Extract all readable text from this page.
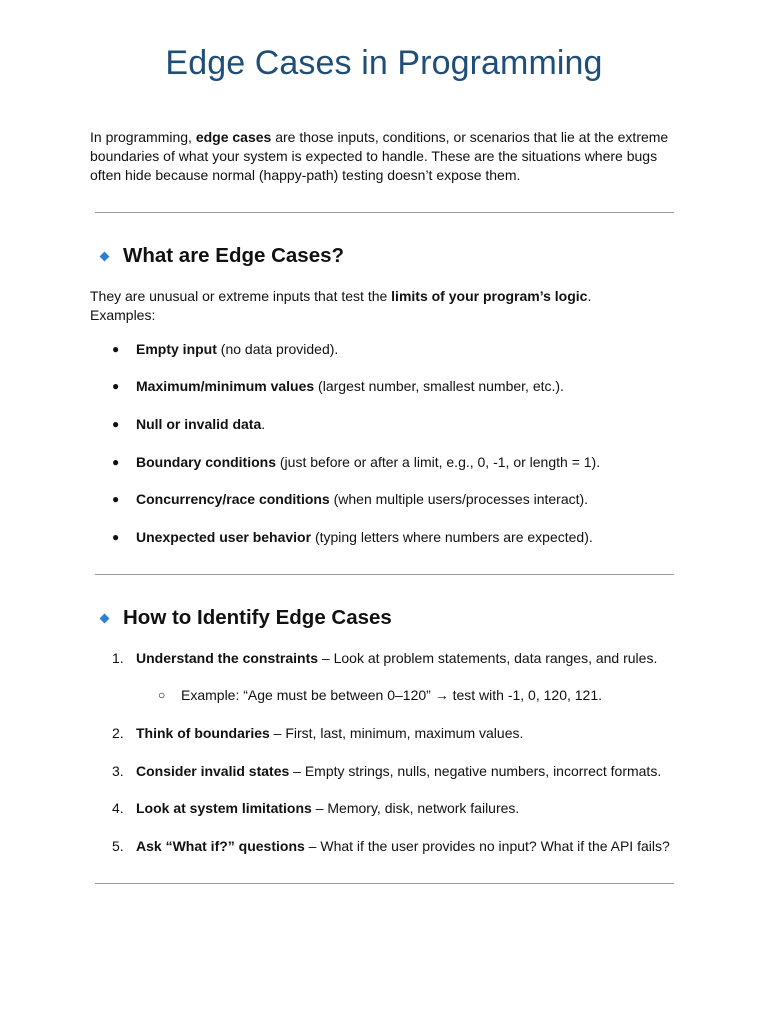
Edge Cases in Programming

In programming, edge cases are those inputs, conditions, or scenarios that lie at the extreme boundaries of what your system is expected to handle. These are the situations where bugs often hide because normal (happy-path) testing doesn’t expose them.

What are Edge Cases?

They are unusual or extreme inputs that test the limits of your program’s logic.
Examples:

●	Empty input (no data provided).
●	Maximum/minimum values (largest number, smallest number, etc.).
●	Null or invalid data.
●	Boundary conditions (just before or after a limit, e.g., 0, -1, or length = 1).
●	Concurrency/race conditions (when multiple users/processes interact).
●	Unexpected user behavior (typing letters where numbers are expected).
How to Identify Edge Cases
1. Understand the constraints – Look at problem statements, data ranges, and rules.
○ Example: “Age must be between 0–120” → test with -1, 0, 120, 121.
2. Think of boundaries – First, last, minimum, maximum values.
3. Consider invalid states – Empty strings, nulls, negative numbers, incorrect formats.
4. Look at system limitations – Memory, disk, network failures.
5. Ask “What if?” questions – What if the user provides no input? What if the API fails?
